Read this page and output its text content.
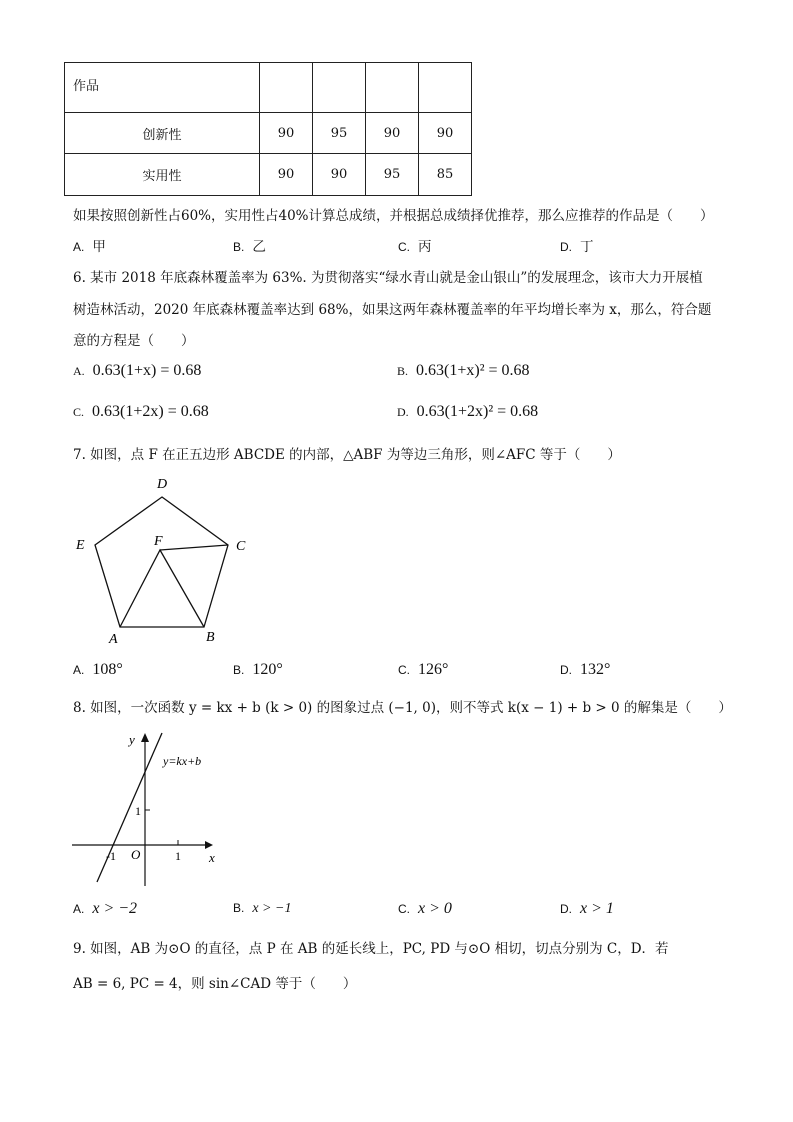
作品				
创新性	90	95	90	90
实用性	90	90	95	85
如果按照创新性占60%，实用性占40%计算总成绩，并根据总成绩择优推荐，那么应推荐的作品是（　　）
A. 甲	B. 乙	C. 丙	D. 丁
6. 某市 2018 年底森林覆盖率为 63%. 为贯彻落实“绿水青山就是金山银山”的发展理念，该市大力开展植
树造林活动，2020 年底森林覆盖率达到 68%，如果这两年森林覆盖率的年平均增长率为 x，那么，符合题
意的方程是（　　）
A. 0.63(1+x) = 0.68	B. 0.63(1+x)² = 0.68
C. 0.63(1+2x) = 0.68	D. 0.63(1+2x)² = 0.68
7. 如图，点 F 在正五边形 ABCDE 的内部，△ABF 为等边三角形，则∠AFC 等于（　　）
D
E	C
F
A	B
y
x
O
-1	1
1
y=kx+b
A. 108°	B. 120°	C. 126°	D. 132°
8. 如图，一次函数 y = kx + b (k > 0) 的图象过点 (−1, 0)，则不等式 k(x − 1) + b > 0 的解集是（　　）
A. x > −2	B. x > −1	C. x > 0	D. x > 1
9. 如图，AB 为⊙O 的直径，点 P 在 AB 的延长线上，PC, PD 与⊙O 相切，切点分别为 C，D．若
AB = 6, PC = 4，则 sin∠CAD 等于（　　）
